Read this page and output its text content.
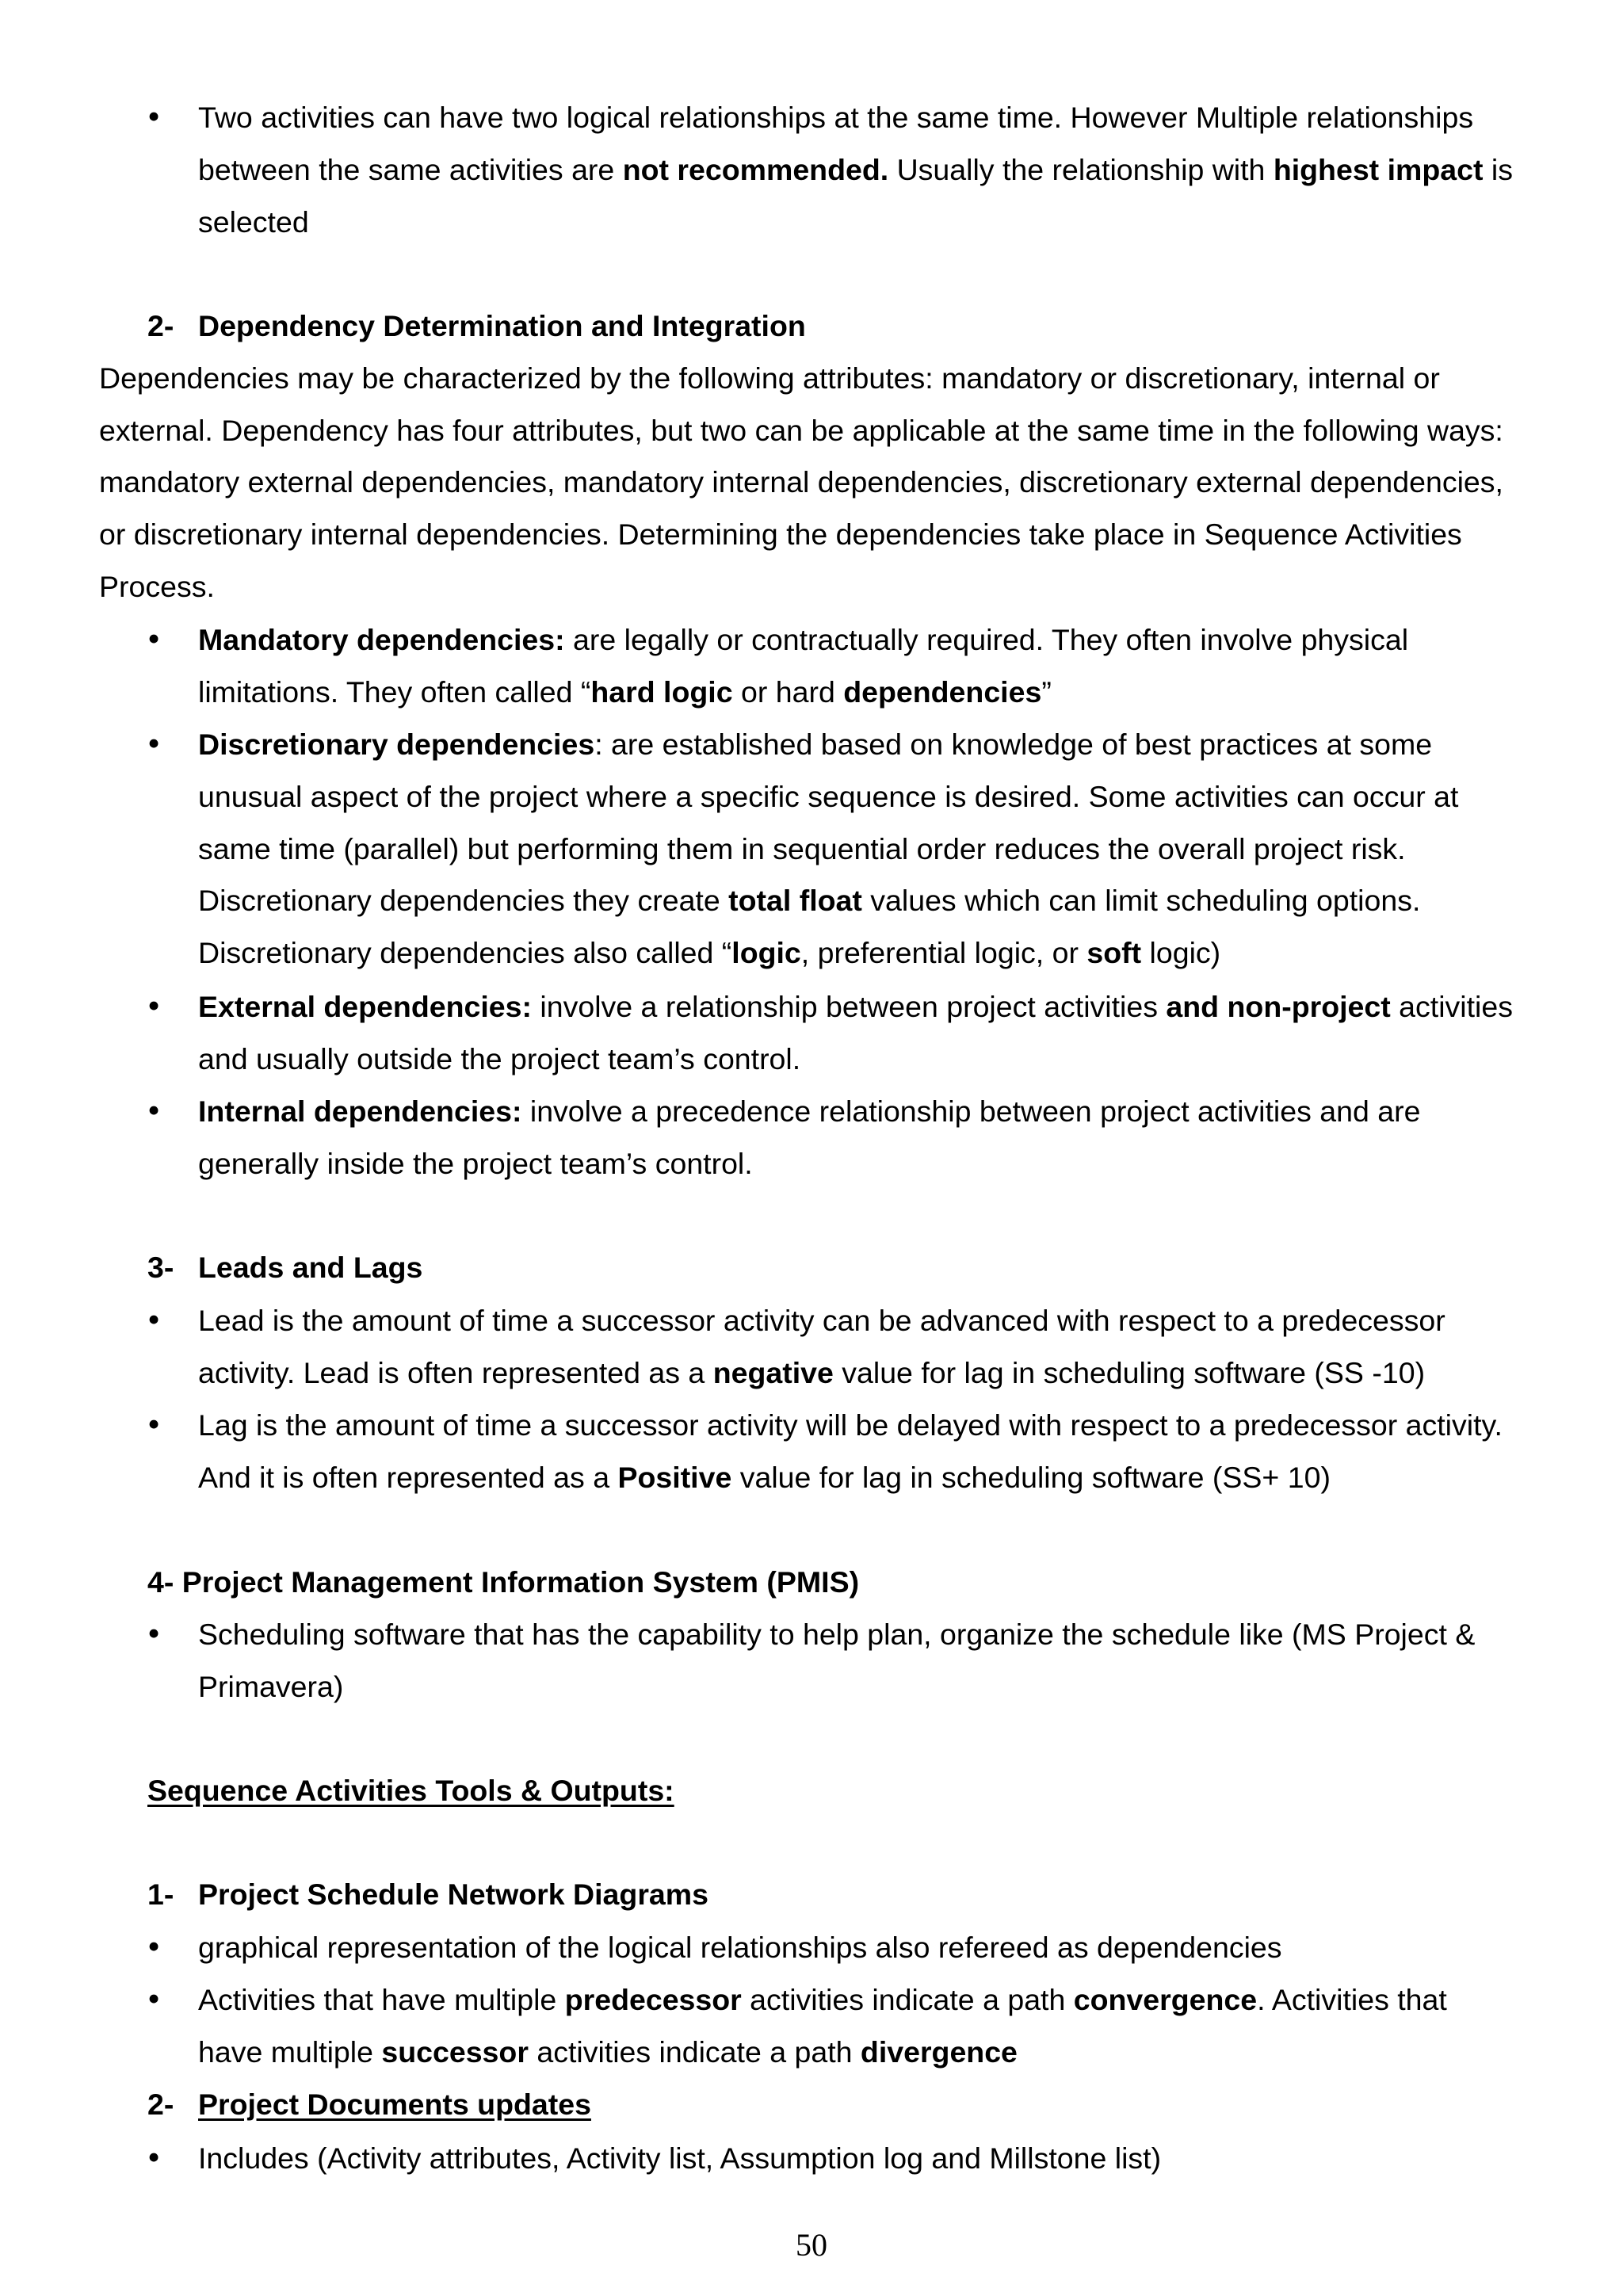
• Two activities can have two logical relationships at the same time. However Multiple relationships
between the same activities are not recommended. Usually the relationship with highest impact is
selected
2- Dependency Determination and Integration
Dependencies may be characterized by the following attributes: mandatory or discretionary, internal or
external. Dependency has four attributes, but two can be applicable at the same time in the following ways:
mandatory external dependencies, mandatory internal dependencies, discretionary external dependencies,
or discretionary internal dependencies. Determining the dependencies take place in Sequence Activities
Process.
• Mandatory dependencies: are legally or contractually required. They often involve physical
limitations. They often called “hard logic or hard dependencies”
• Discretionary dependencies: are established based on knowledge of best practices at some
unusual aspect of the project where a specific sequence is desired. Some activities can occur at
same time (parallel) but performing them in sequential order reduces the overall project risk.
Discretionary dependencies they create total float values which can limit scheduling options.
Discretionary dependencies also called “logic, preferential logic, or soft logic)
• External dependencies: involve a relationship between project activities and non-project activities
and usually outside the project team’s control.
• Internal dependencies: involve a precedence relationship between project activities and are
generally inside the project team’s control.
3- Leads and Lags
• Lead is the amount of time a successor activity can be advanced with respect to a predecessor
activity. Lead is often represented as a negative value for lag in scheduling software (SS -10)
• Lag is the amount of time a successor activity will be delayed with respect to a predecessor activity.
And it is often represented as a Positive value for lag in scheduling software (SS+ 10)
4- Project Management Information System (PMIS)
• Scheduling software that has the capability to help plan, organize the schedule like (MS Project &
Primavera)
Sequence Activities Tools & Outputs:
1- Project Schedule Network Diagrams
• graphical representation of the logical relationships also refereed as dependencies
• Activities that have multiple predecessor activities indicate a path convergence. Activities that
have multiple successor activities indicate a path divergence
2- Project Documents updates
• Includes (Activity attributes, Activity list, Assumption log and Millstone list)
50
